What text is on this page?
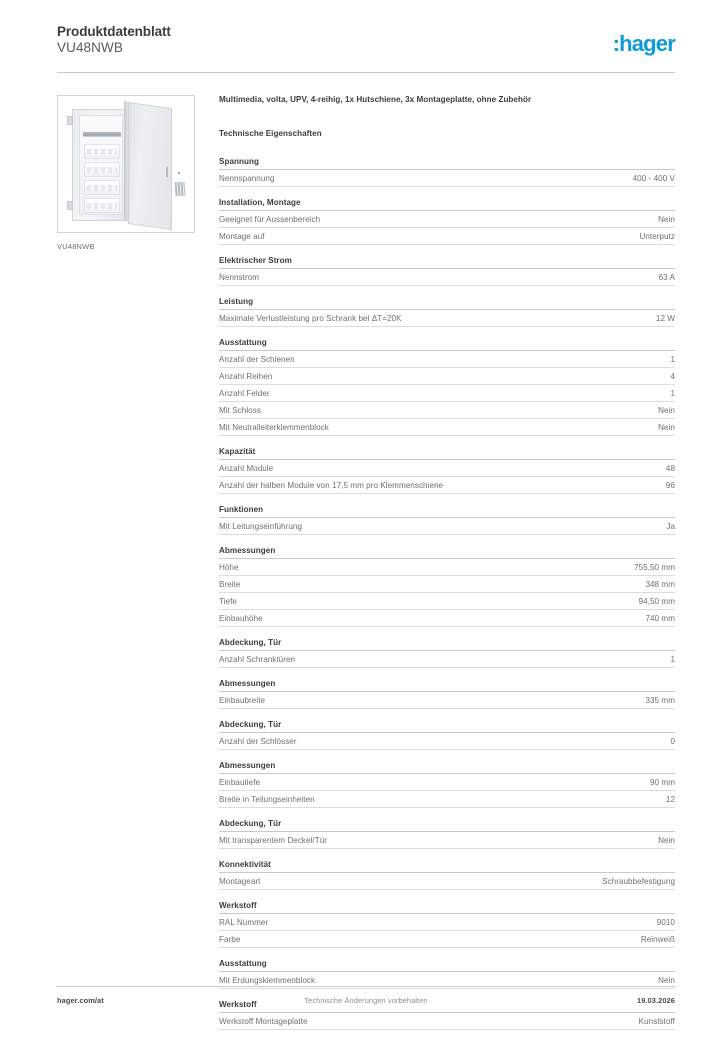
Produktdatenblatt
VU48NWB	:hager
VU48NWB
Multimedia, volta, UPV, 4-reihig, 1x Hutschiene, 3x Montageplatte, ohne Zubehör
Technische Eigenschaften
Spannung
Nennspannung	400 - 400 V
Installation, Montage
Geeignet für Aussenbereich	Nein
Montage auf	Unterputz
Elektrischer Strom
Nennstrom	63 A
Leistung
Maximale Verlustleistung pro Schrank bei ΔT=20K	12 W
Ausstattung
Anzahl der Schienen	1
Anzahl Reihen	4
Anzahl Felder	1
Mit Schloss	Nein
Mit Neutralleiterklemmenblock	Nein
Kapazität
Anzahl Module	48
Anzahl der halben Module von 17,5 mm pro Klemmenschiene	96
Funktionen
Mit Leitungseinführung	Ja
Abmessungen
Höhe	755,50 mm
Breite	348 mm
Tiefe	94,50 mm
Einbauhöhe	740 mm
Abdeckung, Tür
Anzahl Schranktüren	1
Abmessungen
Einbaubreite	335 mm
Abdeckung, Tür
Anzahl der Schlösser	0
Abmessungen
Einbautiefe	90 mm
Breite in Teilungseinheiten	12
Abdeckung, Tür
Mit transparentem Deckel/Tür	Nein
Konnektivität
Montageart	Schraubbefestigung
Werkstoff
RAL Nummer	9010
Farbe	Reinweiß
Ausstattung
Mit Erdungsklemmenblock	Nein
Werkstoff
Werkstoff Montageplatte	Kunststoff
hager.com/at	Technische Änderungen vorbehalten	19.03.2026
